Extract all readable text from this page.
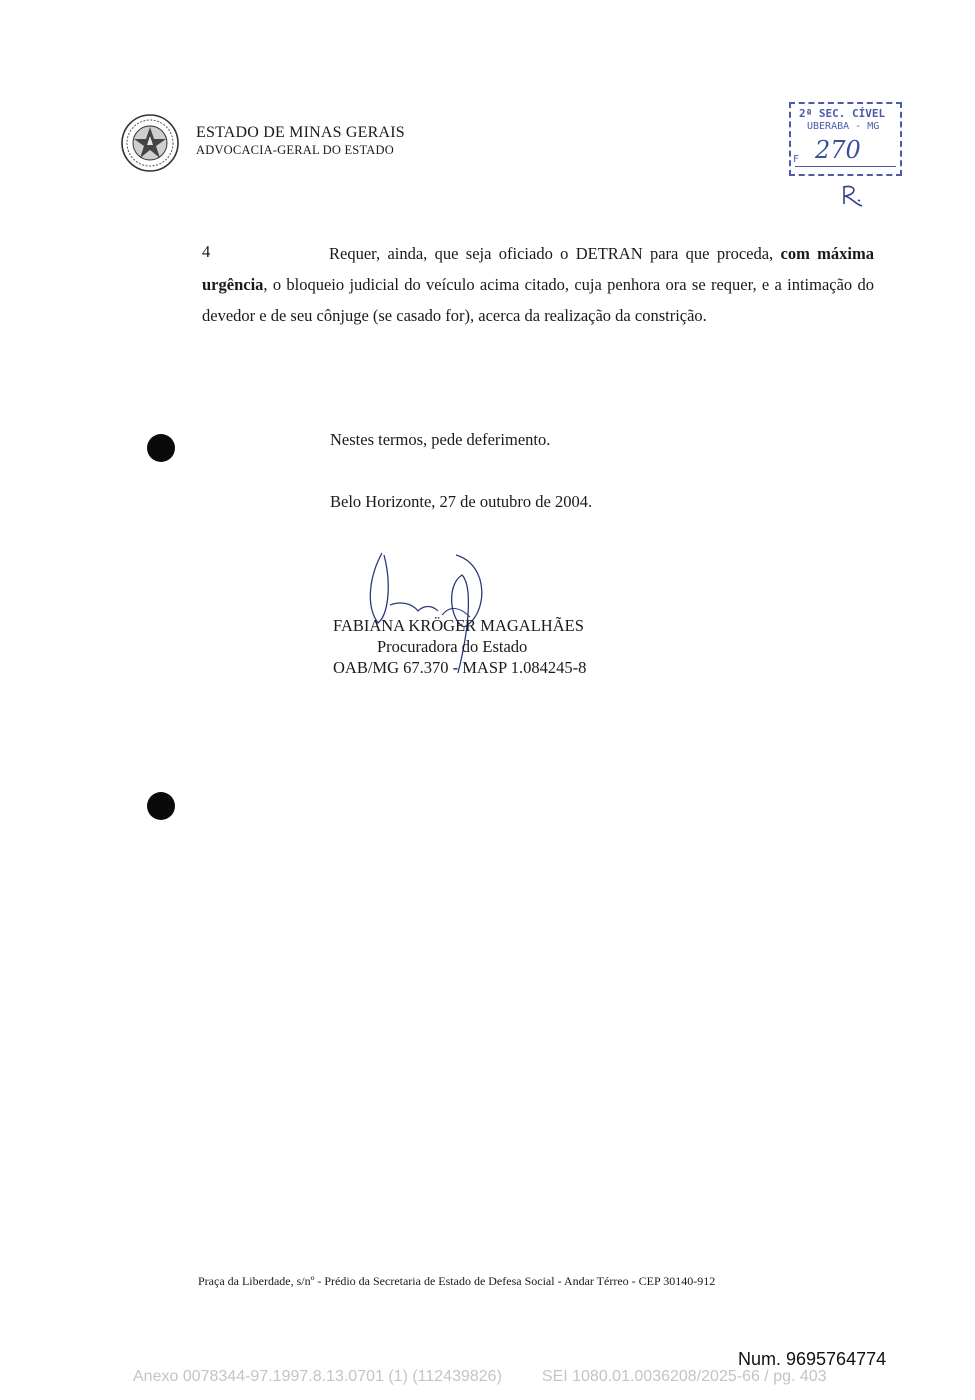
ESTADO DE MINAS GERAIS
ADVOCACIA-GERAL DO ESTADO
2ª SEC. CÍVEL
UBERABA - MG
F 270
4	Requer, ainda, que seja oficiado o DETRAN para que proceda, com máxima urgência, o bloqueio judicial do veículo acima citado, cuja penhora ora se requer, e a intimação do devedor e de seu cônjuge (se casado for), acerca da realização da constrição.
Nestes termos, pede deferimento.
Belo Horizonte, 27 de outubro de 2004.
FABIANA KRÖGER MAGALHÃES
Procuradora do Estado
OAB/MG 67.370 - MASP 1.084245-8
Praça da Liberdade, s/nº - Prédio da Secretaria de Estado de Defesa Social - Andar Térreo - CEP 30140-912
Num. 9695764774
Anexo 0078344-97.1997.8.13.0701 (1) (112439826)	SEI 1080.01.0036208/2025-66 / pg. 403
